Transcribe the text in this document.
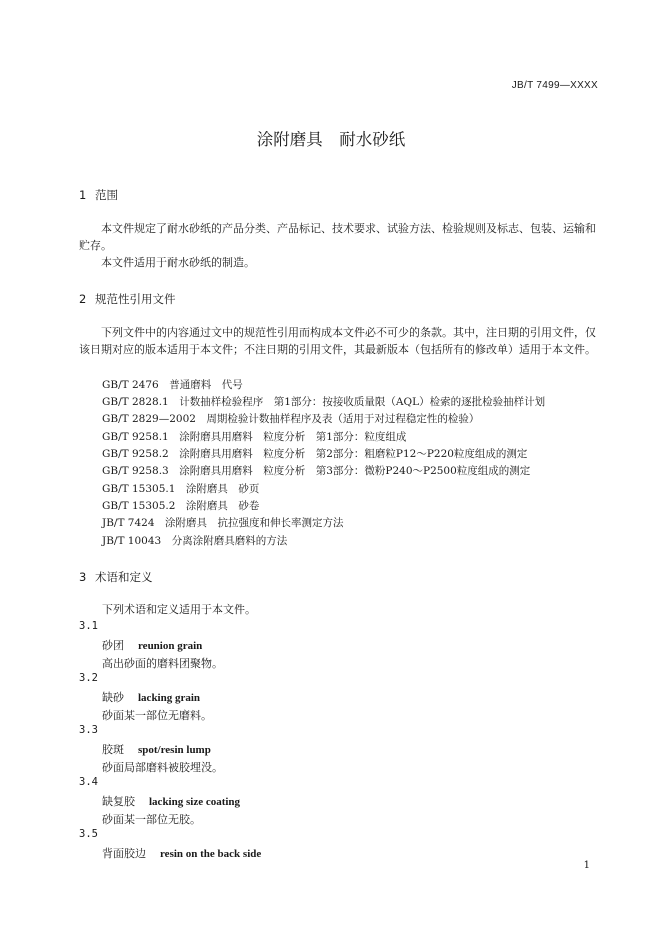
JB/T 7499—XXXX
涂附磨具　耐水砂纸
1 范围

本文件规定了耐水砂纸的产品分类、产品标记、技术要求、试验方法、检验规则及标志、包装、运输和贮存。

本文件适用于耐水砂纸的制造。

2 规范性引用文件

下列文件中的内容通过文中的规范性引用而构成本文件必不可少的条款。其中，注日期的引用文件，仅该日期对应的版本适用于本文件；不注日期的引用文件，其最新版本（包括所有的修改单）适用于本文件。

GB/T 2476　普通磨料　代号
GB/T 2828.1　计数抽样检验程序　第1部分：按接收质量限（AQL）检索的逐批检验抽样计划
GB/T 2829—2002　周期检验计数抽样程序及表（适用于对过程稳定性的检验）
GB/T 9258.1　涂附磨具用磨料　粒度分析　第1部分：粒度组成
GB/T 9258.2　涂附磨具用磨料　粒度分析　第2部分：粗磨粒P12～P220粒度组成的测定
GB/T 9258.3　涂附磨具用磨料　粒度分析　第3部分：微粉P240～P2500粒度组成的测定
GB/T 15305.1　涂附磨具　砂页
GB/T 15305.2　涂附磨具　砂卷
JB/T 7424　涂附磨具　抗拉强度和伸长率测定方法
JB/T 10043　分离涂附磨具磨料的方法
3 术语和定义
下列术语和定义适用于本文件。
3.1
砂团 reunion grain
高出砂面的磨料团聚物。
3.2
缺砂 lacking grain
砂面某一部位无磨料。
3.3
胶斑 spot/resin lump
砂面局部磨料被胶埋没。
3.4
缺复胶 lacking size coating
砂面某一部位无胶。
3.5
背面胶边 resin on the back side
1
